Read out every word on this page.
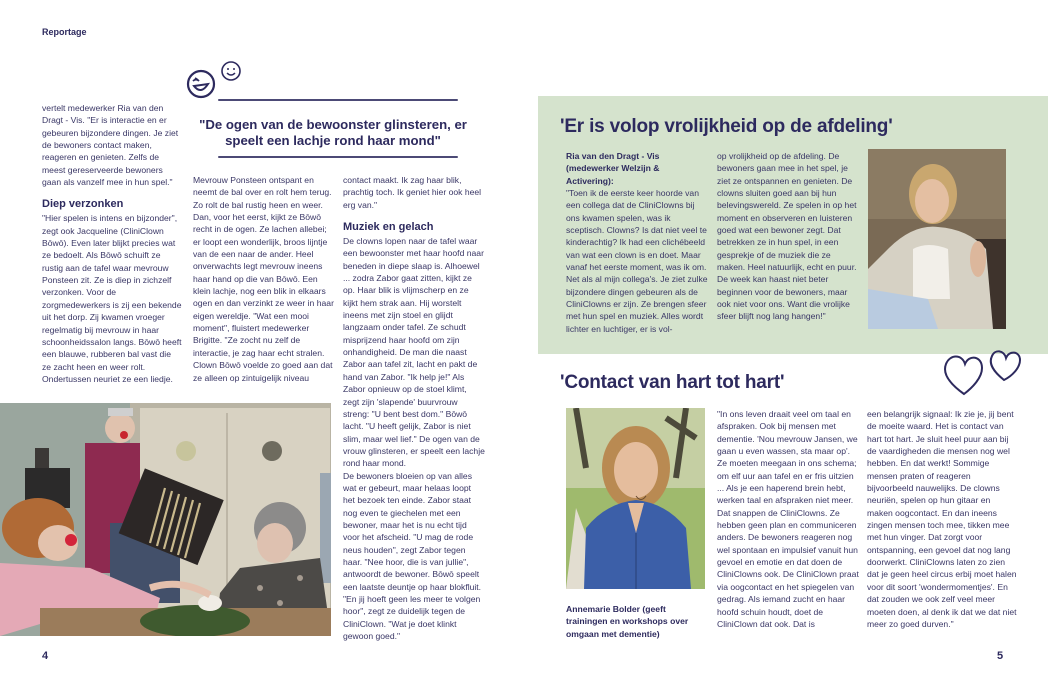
Reportage

vertelt medewerker Ria van den Dragt - Vis. "Er is interactie en er gebeuren bijzondere dingen. Je ziet de bewoners contact maken, reageren en genieten. Zelfs de meest gereserveerde bewoners gaan als vanzelf mee in hun spel."

Diep verzonken

"Hier spelen is intens en bijzonder", zegt ook Jacqueline (CliniClown Bōwō). Even later blijkt precies wat ze bedoelt. Als Bōwō schuift ze rustig aan de tafel waar mevrouw Ponsteen zit. Ze is diep in zichzelf verzonken. Voor de zorgmedewerkers is zij een bekende uit het dorp. Zij kwamen vroeger regelmatig bij mevrouw in haar schoonheidssalon langs. Bōwō heeft een blauwe, rubberen bal vast die ze zacht heen en weer rolt. Ondertussen neuriet ze een liedje.

"De ogen van de bewoonster glinsteren, er speelt een lachje rond haar mond"

Mevrouw Ponsteen ontspant en neemt de bal over en rolt hem terug. Zo rolt de bal rustig heen en weer. Dan, voor het eerst, kijkt ze Bōwō recht in de ogen. Ze lachen allebei; er loopt een wonderlijk, broos lijntje van de een naar de ander. Heel onverwachts legt mevrouw ineens haar hand op die van Bōwō. Een klein lachje, nog een blik in elkaars ogen en dan verzinkt ze weer in haar eigen wereldje. "Wat een mooi moment", fluistert medewerker Brigitte. "Ze zocht nu zelf de interactie, je zag haar echt stralen. Clown Bōwō voelde zo goed aan dat ze alleen op zintuigelijk niveau

contact maakt. Ik zag haar blik, prachtig toch. Ik geniet hier ook heel erg van."

Muziek en gelach

De clowns lopen naar de tafel waar een bewoonster met haar hoofd naar beneden in diepe slaap is. Alhoewel ... zodra Zabor gaat zitten, kijkt ze op. Haar blik is vlijmscherp en ze kijkt hem strak aan. Hij worstelt ineens met zijn stoel en glijdt langzaam onder tafel. Ze schudt misprijzend haar hoofd om zijn onhandigheid. De man die naast Zabor aan tafel zit, lacht en pakt de hand van Zabor. "Ik help je!" Als Zabor opnieuw op de stoel klimt, zegt zijn 'slapende' buurvrouw streng: "U bent best dom." Bōwō lacht. "U heeft gelijk, Zabor is niet slim, maar wel lief." De ogen van de vrouw glinsteren, er speelt een lachje rond haar mond.

De bewoners bloeien op van alles wat er gebeurt, maar helaas loopt het bezoek ten einde. Zabor staat nog even te giechelen met een bewoner, maar het is nu echt tijd voor het afscheid. "U mag de rode neus houden", zegt Zabor tegen haar. "Nee hoor, die is van jullie", antwoordt de bewoner. Bōwō speelt een laatste deuntje op haar blokfluit. "En jij hoeft geen les meer te volgen hoor", zegt ze duidelijk tegen de CliniClown. "Wat je doet klinkt gewoon goed."

4
'Er is volop vrolijkheid op de afdeling'

Ria van den Dragt - Vis (medewerker Welzijn & Activering):

"Toen ik de eerste keer hoorde van een collega dat de CliniClowns bij ons kwamen spelen, was ik sceptisch. Clowns? Is dat niet veel te kinderachtig? Ik had een clichébeeld van wat een clown is en doet. Maar vanaf het eerste moment, was ik om. Net als al mijn collega's. Je ziet zulke bijzondere dingen gebeuren als de CliniClowns er zijn. Ze brengen sfeer met hun spel en muziek. Alles wordt lichter en luchtiger, er is vol-

op vrolijkheid op de afdeling. De bewoners gaan mee in het spel, je ziet ze ontspannen en genieten. De clowns sluiten goed aan bij hun belevingswereld. Ze spelen in op het moment en observeren en luisteren goed wat een bewoner zegt. Dat betrekken ze in hun spel, in een gesprekje of de muziek die ze maken. Heel natuurlijk, echt en puur. De week kan haast niet beter beginnen voor de bewoners, maar ook niet voor ons. Want die vrolijke sfeer blijft nog lang hangen!"

'Contact van hart tot hart'
Annemarie Bolder (geeft trainingen en workshops over omgaan met dementie)

"In ons leven draait veel om taal en afspraken. Ook bij mensen met dementie. 'Nou mevrouw Jansen, we gaan u even wassen, sta maar op'. Ze moeten meegaan in ons schema; om elf uur aan tafel en er fris uitzien ... Als je een haperend brein hebt, werken taal en afspraken niet meer. Dat snappen de CliniClowns. Ze hebben geen plan en communiceren anders. De bewoners reageren nog wel spontaan en impulsief vanuit hun gevoel en emotie en dat doen de CliniClowns ook. De CliniClown praat via oogcontact en het spiegelen van gedrag. Als iemand zucht en haar hoofd schuin houdt, doet de CliniClown dat ook. Dat is

een belangrijk signaal: Ik zie je, jij bent de moeite waard. Het is contact van hart tot hart. Je sluit heel puur aan bij de vaardigheden die mensen nog wel hebben. En dat werkt! Sommige mensen praten of reageren bijvoorbeeld nauwelijks. De clowns neuriën, spelen op hun gitaar en maken oogcontact. En dan ineens zingen mensen toch mee, tikken mee met hun vinger. Dat zorgt voor ontspanning, een gevoel dat nog lang doorwerkt. CliniClowns laten zo zien dat je geen heel circus erbij moet halen voor dit soort 'wondermomentjes'. En dat zouden we ook zelf veel meer moeten doen, al denk ik dat we dat niet meer zo goed durven."

5
